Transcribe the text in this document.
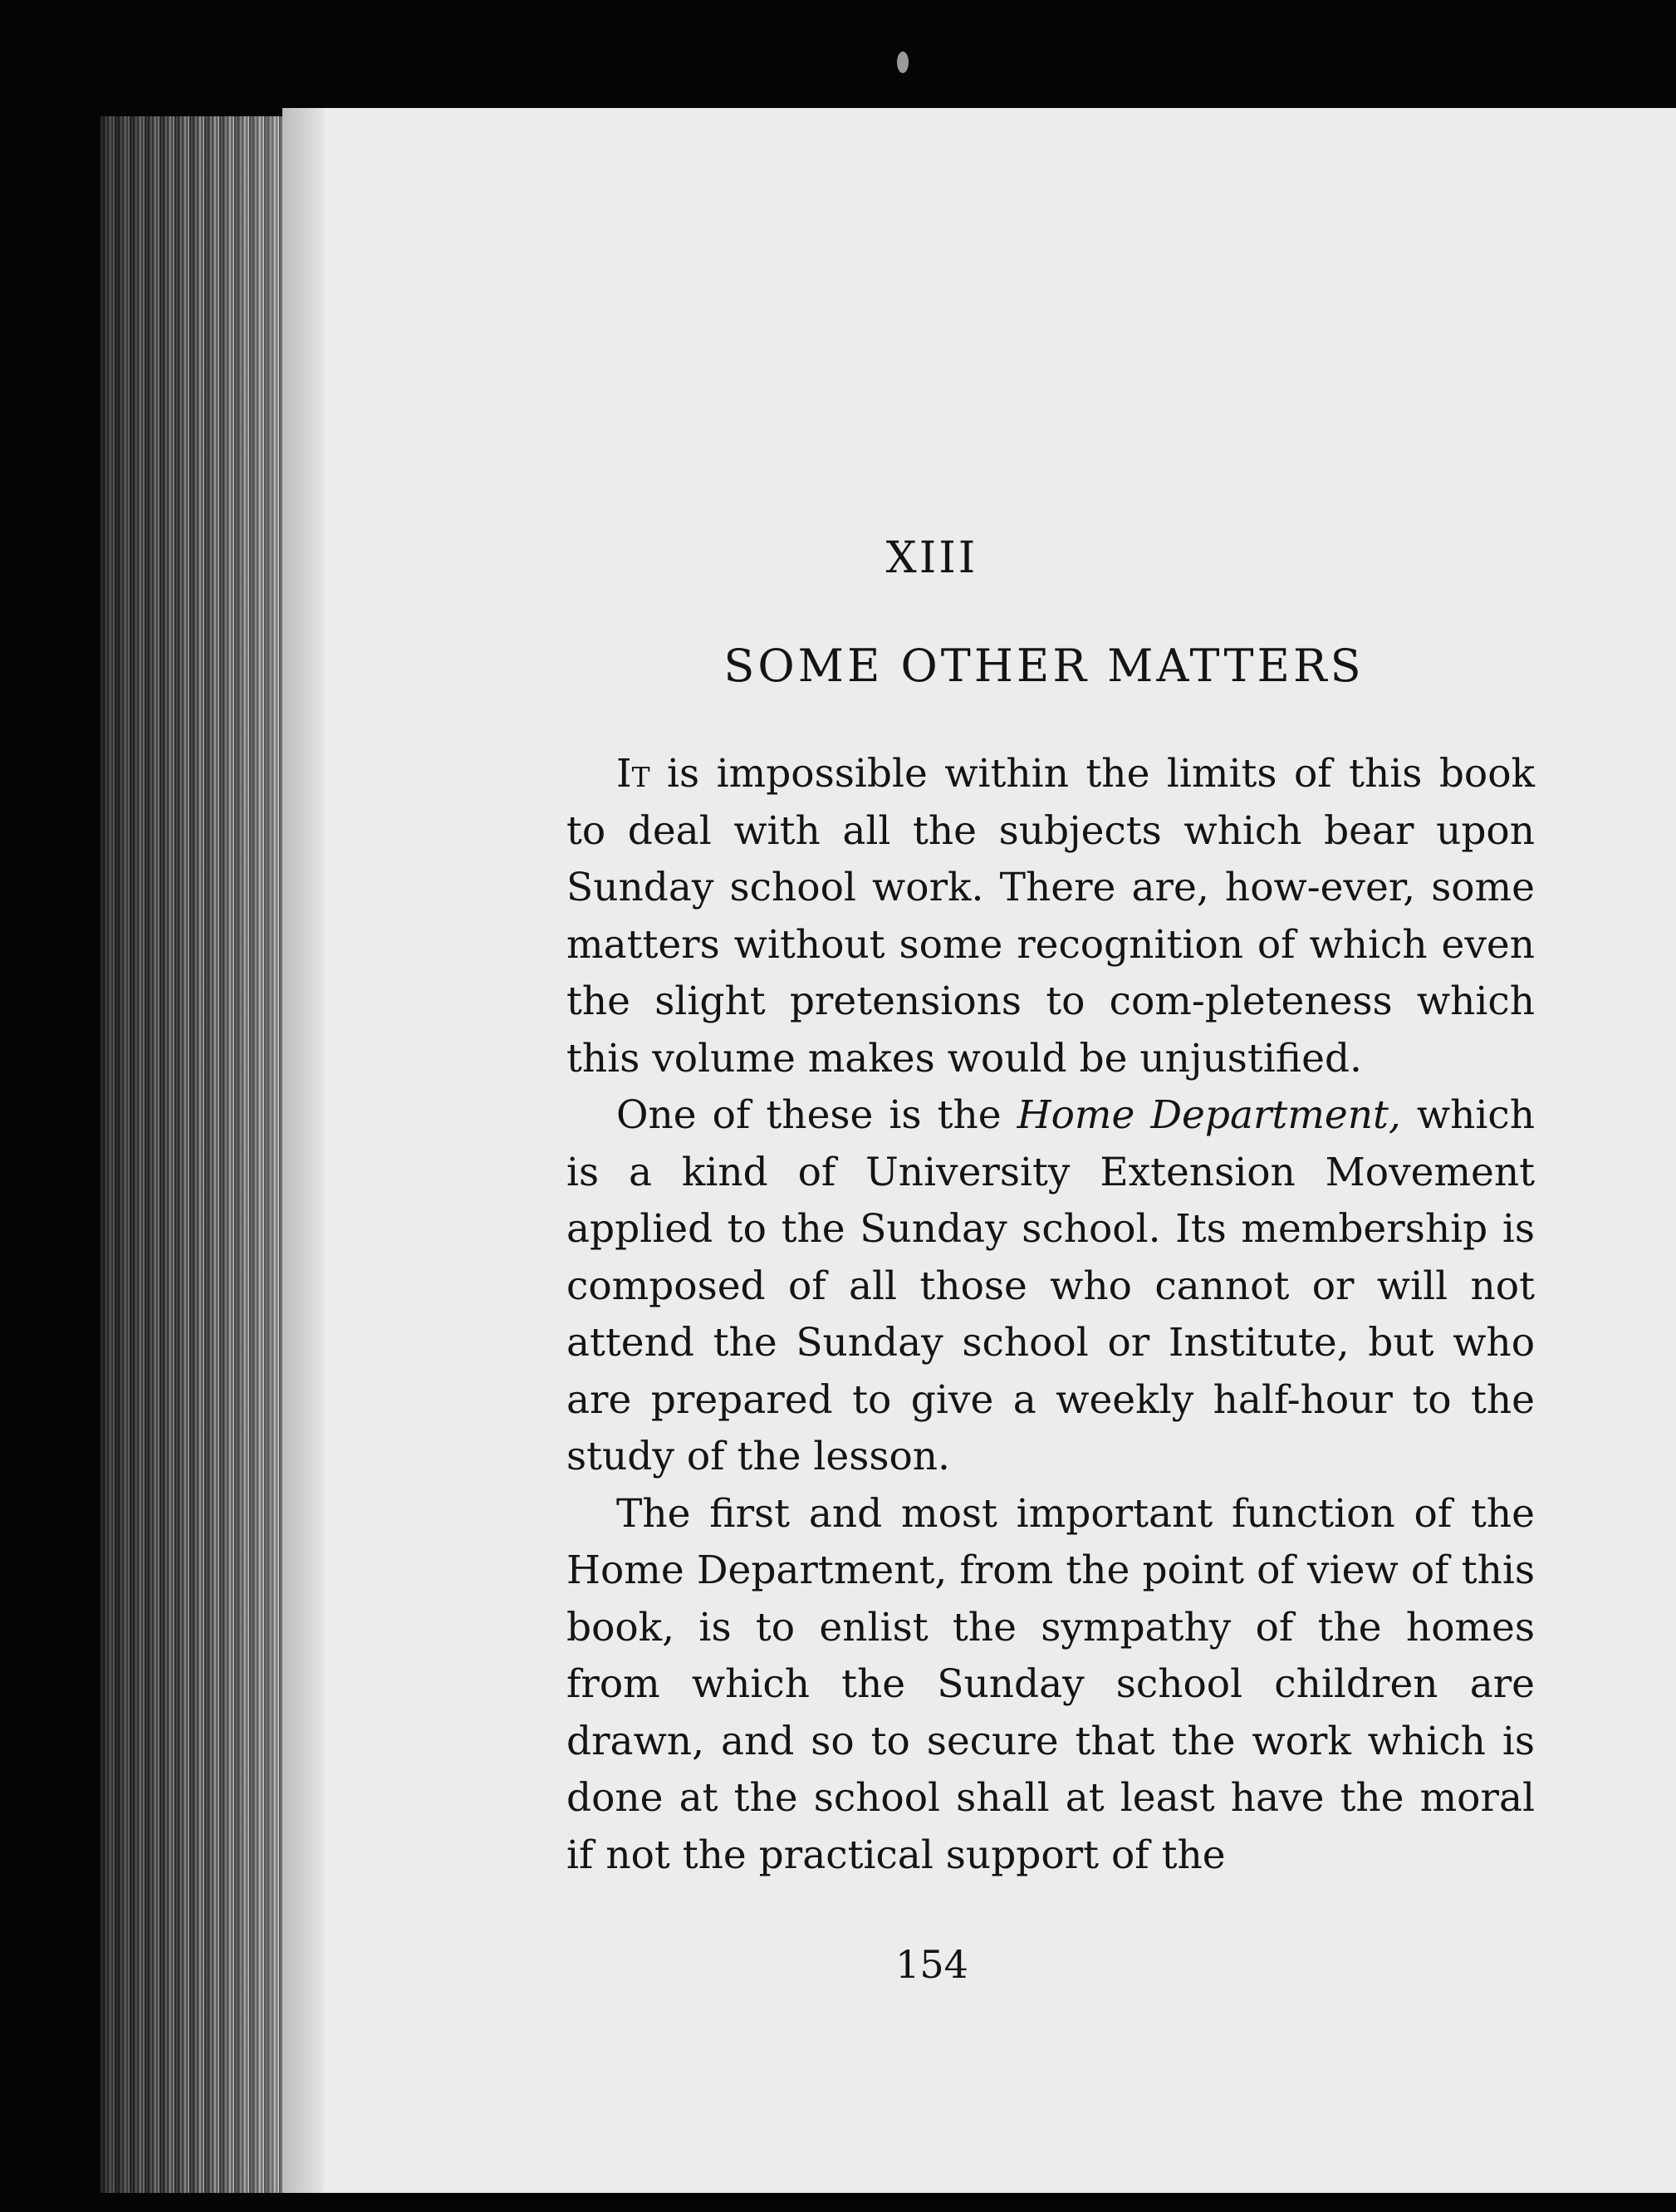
XIII
SOME OTHER MATTERS

It is impossible within the limits of this book to deal with all the subjects which bear upon Sunday school work. There are, how-ever, some matters without some recognition of which even the slight pretensions to com-pleteness which this volume makes would be unjustified.

One of these is the Home Department, which is a kind of University Extension Movement applied to the Sunday school. Its membership is composed of all those who cannot or will not attend the Sunday school or Institute, but who are prepared to give a weekly half-hour to the study of the lesson.

The first and most important function of the Home Department, from the point of view of this book, is to enlist the sympathy of the homes from which the Sunday school children are drawn, and so to secure that the work which is done at the school shall at least have the moral if not the practical support of the

154
